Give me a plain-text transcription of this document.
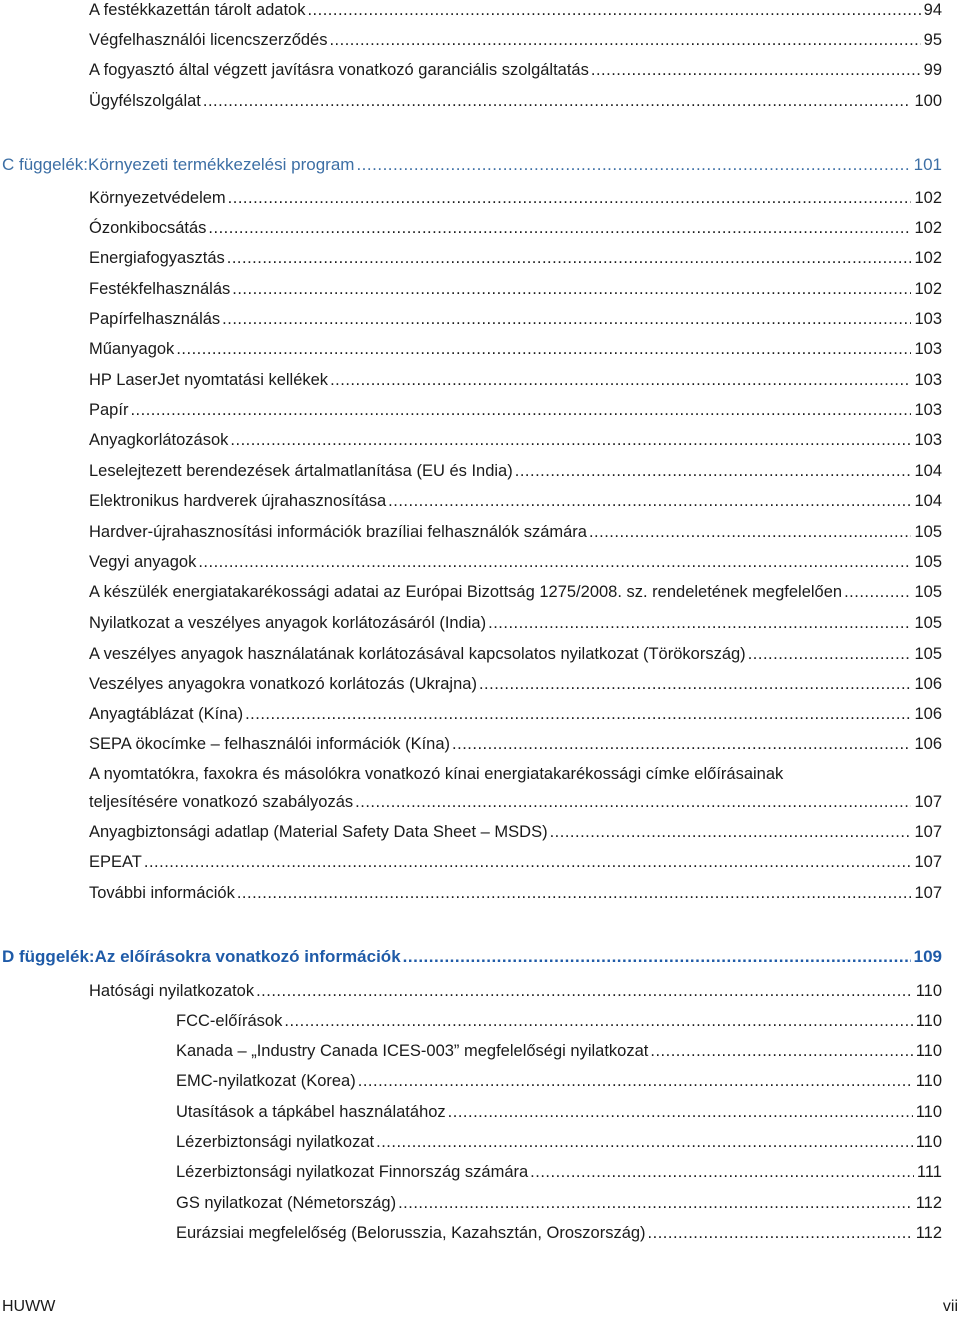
A festékkazettán tárolt adatok .....	94
Végfelhasználói licencszerződés .....	95
A fogyasztó által végzett javításra vonatkozó garanciális szolgáltatás .....	99
Ügyfélszolgálat .....	100
C függelék: Környezeti termékkezelési program .....	101
Környezetvédelem .....	102
Ózonkibocsátás .....	102
Energiafogyasztás .....	102
Festékfelhasználás .....	102
Papírfelhasználás .....	103
Műanyagok .....	103
HP LaserJet nyomtatási kellékek .....	103
Papír .....	103
Anyagkorlátozások .....	103
Leselejtezett berendezések ártalmatlanítása (EU és India) .....	104
Elektronikus hardverek újrahasznosítása .....	104
Hardver-újrahasznosítási információk brazíliai felhasználók számára .....	105
Vegyi anyagok .....	105
A készülék energiatakarékossági adatai az Európai Bizottság 1275/2008. sz. rendeletének megfelelően .....	105
Nyilatkozat a veszélyes anyagok korlátozásáról (India) .....	105
A veszélyes anyagok használatának korlátozásával kapcsolatos nyilatkozat (Törökország) .....	105
Veszélyes anyagokra vonatkozó korlátozás (Ukrajna) .....	106
Anyagtáblázat (Kína) .....	106
SEPA ökocímke – felhasználói információk (Kína) .....	106
A nyomtatókra, faxokra és másolókra vonatkozó kínai energiatakarékossági címke előírásainak
teljesítésére vonatkozó szabályozás .....	107
Anyagbiztonsági adatlap (Material Safety Data Sheet – MSDS) .....	107
EPEAT .....	107
További információk .....	107
D függelék: Az előírásokra vonatkozó információk .....	109
Hatósági nyilatkozatok .....	110
FCC-előírások .....	110
Kanada – „Industry Canada ICES-003” megfelelőségi nyilatkozat .....	110
EMC-nyilatkozat (Korea) .....	110
Utasítások a tápkábel használatához .....	110
Lézerbiztonsági nyilatkozat .....	110
Lézerbiztonsági nyilatkozat Finnország számára .....	111
GS nyilatkozat (Németország) .....	112
Eurázsiai megfelelőség (Belorusszia, Kazahsztán, Oroszország) .....	112
HUWW	vii
